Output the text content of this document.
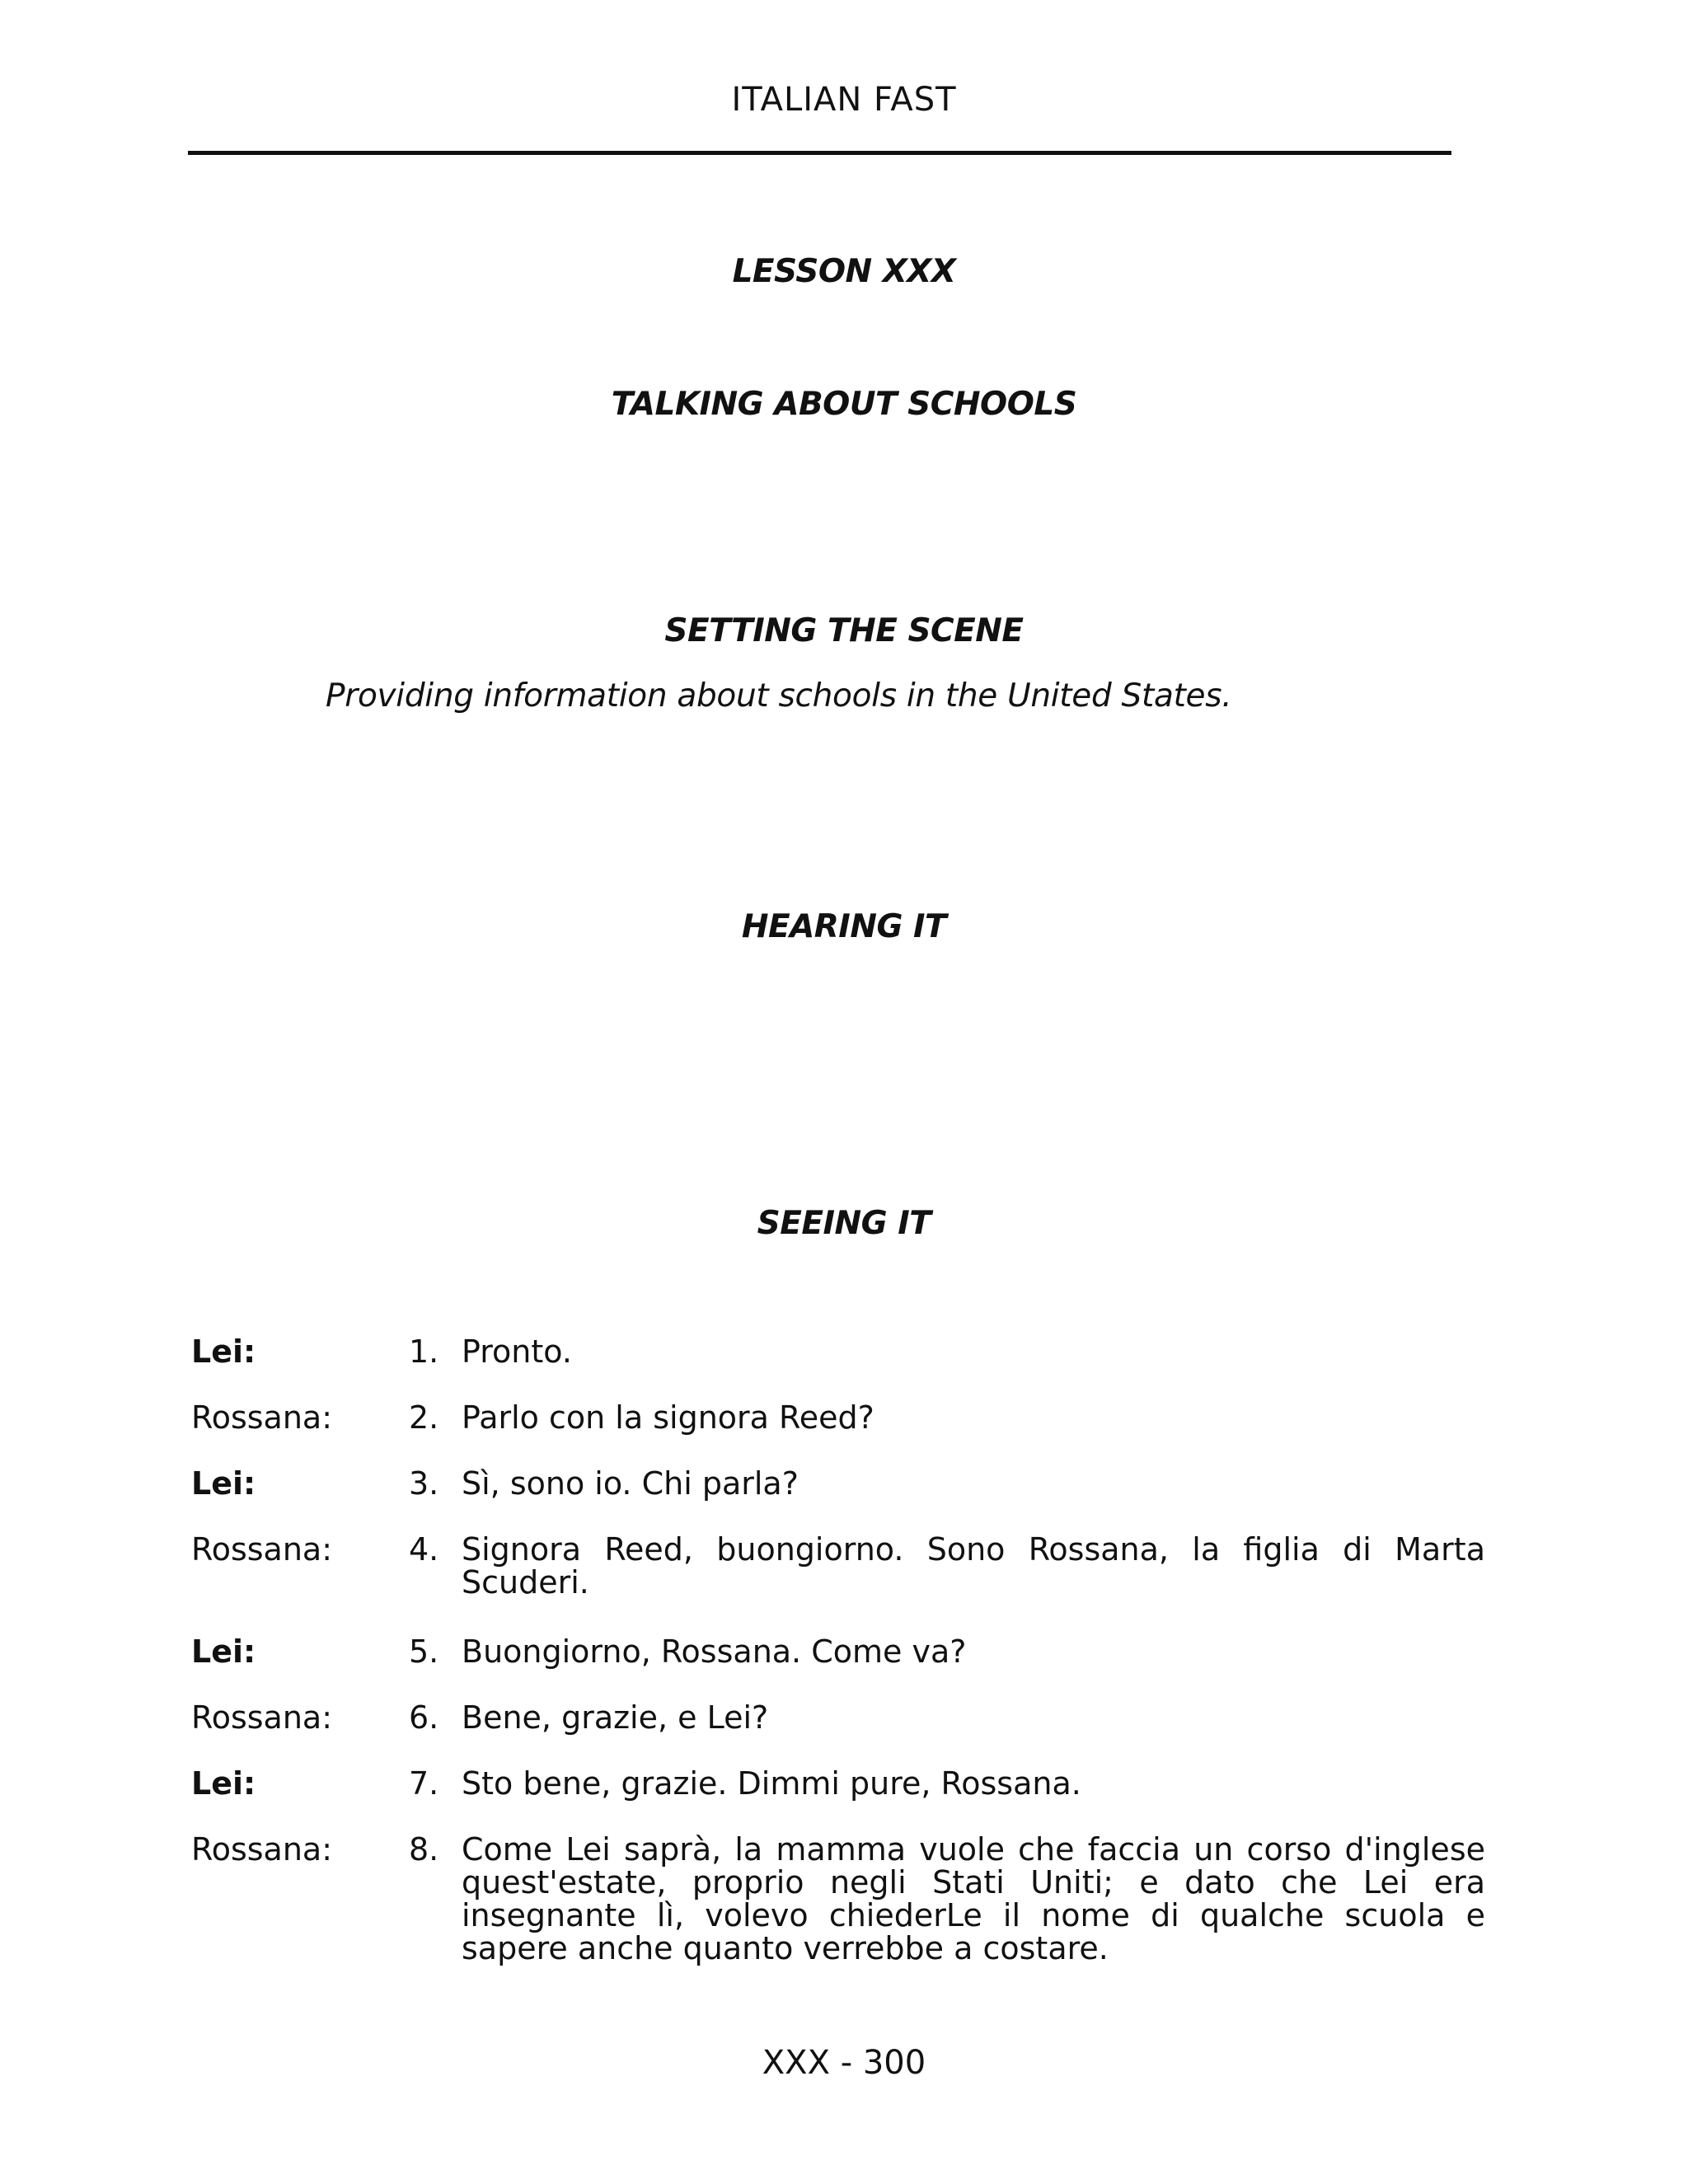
ITALIAN FAST
LESSON XXX
TALKING ABOUT SCHOOLS
SETTING THE SCENE
Providing information about schools in the United States.
HEARING IT
SEEING IT
Lei:	1. Pronto.
Rossana:	2. Parlo con la signora Reed?
Lei:	3. Sì, sono io. Chi parla?
Rossana:	4. Signora Reed, buongiorno. Sono Rossana, la figlia di Marta Scuderi.
Lei:	5. Buongiorno, Rossana. Come va?
Rossana:	6. Bene, grazie, e Lei?
Lei:	7. Sto bene, grazie. Dimmi pure, Rossana.
Rossana:	8. Come Lei saprà, la mamma vuole che faccia un corso d'inglese quest'estate, proprio negli Stati Uniti; e dato che Lei era insegnante lì, volevo chiederLe il nome di qualche scuola e sapere anche quanto verrebbe a costare.
XXX - 300
